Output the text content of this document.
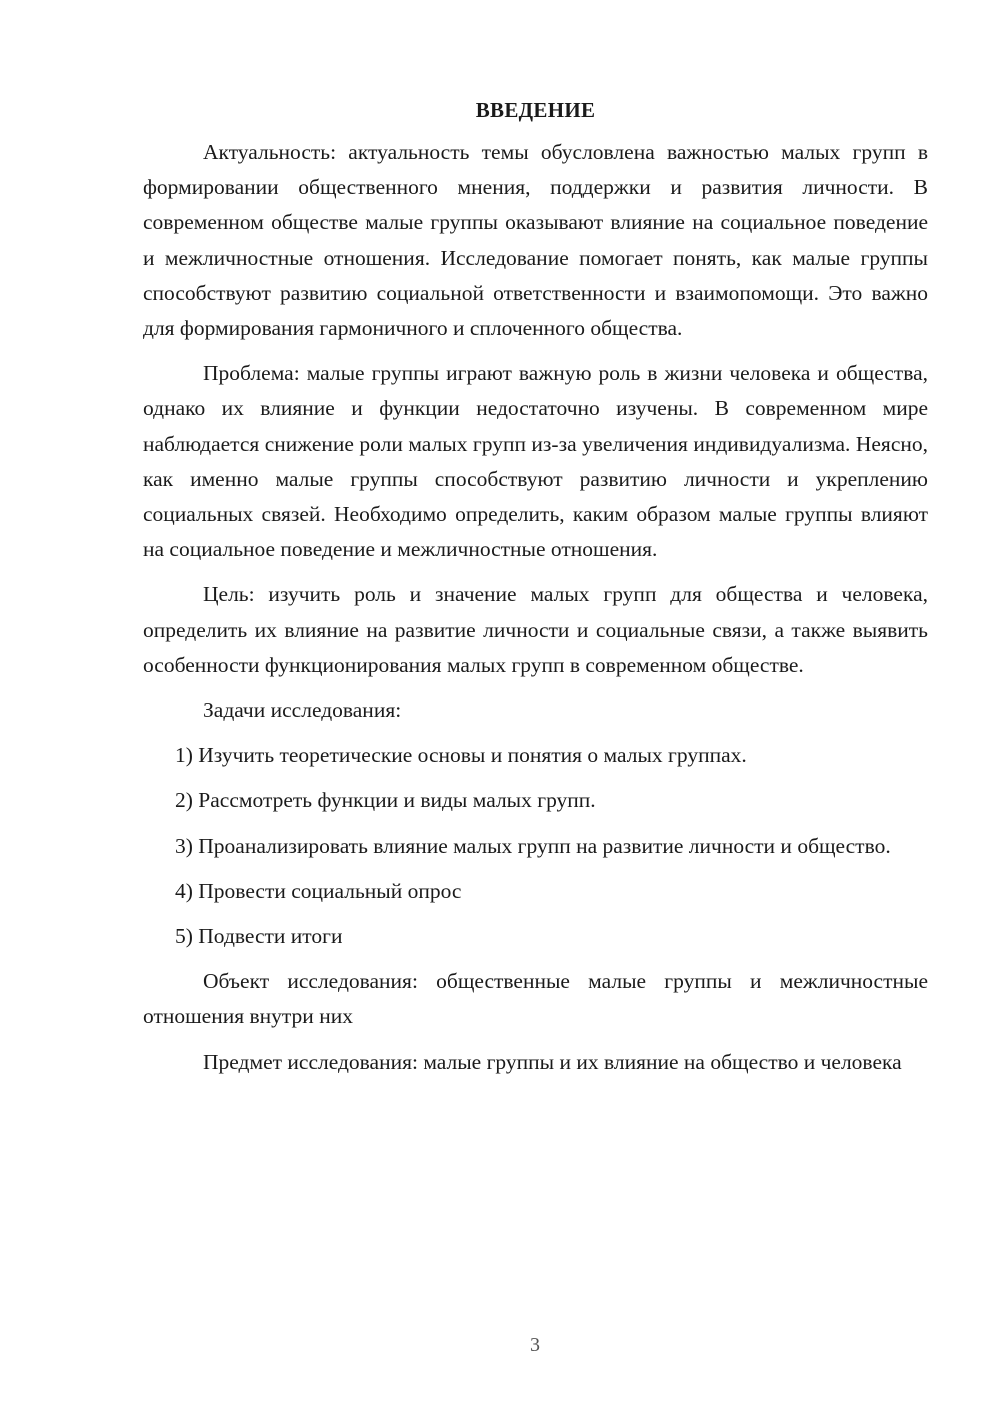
ВВЕДЕНИЕ

Актуальность: актуальность темы обусловлена важностью малых групп в формировании общественного мнения, поддержки и развития личности. В современном обществе малые группы оказывают влияние на социальное поведение и межличностные отношения. Исследование помогает понять, как малые группы способствуют развитию социальной ответственности и взаимопомощи. Это важно для формирования гармоничного и сплоченного общества.

Проблема: малые группы играют важную роль в жизни человека и общества, однако их влияние и функции недостаточно изучены. В современном мире наблюдается снижение роли малых групп из-за увеличения индивидуализма. Неясно, как именно малые группы способствуют развитию личности и укреплению социальных связей. Необходимо определить, каким образом малые группы влияют на социальное поведение и межличностные отношения.

Цель: изучить роль и значение малых групп для общества и человека, определить их влияние на развитие личности и социальные связи, а также выявить особенности функционирования малых групп в современном обществе.

Задачи исследования:

1) Изучить теоретические основы и понятия о малых группах.

2) Рассмотреть функции и виды малых групп.

3) Проанализировать влияние малых групп на развитие личности и общество.

4) Провести социальный опрос

5) Подвести итоги

Объект исследования: общественные малые группы и межличностные отношения внутри них

Предмет исследования: малые группы и их влияние на общество и человека

3
